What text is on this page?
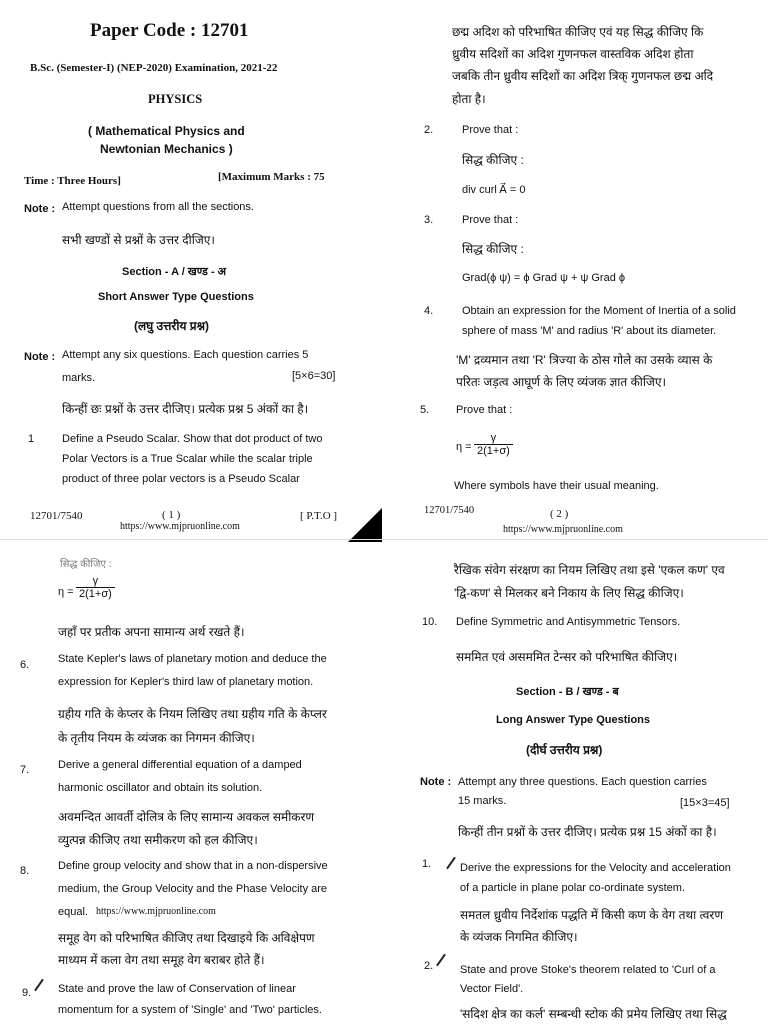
Paper Code : 12701
B.Sc. (Semester-I) (NEP-2020) Examination, 2021-22
PHYSICS
( Mathematical Physics and
Newtonian Mechanics )
Time : Three Hours]	[Maximum Marks : 75
Note : Attempt questions from all the sections.
सभी खण्डों से प्रश्नों के उत्तर दीजिए।
Section - A / खण्ड - अ
Short Answer Type Questions
(लघु उत्तरीय प्रश्न)
Note : Attempt any six questions. Each question carries 5
marks.	[5×6=30]
किन्हीं छः प्रश्नों के उत्तर दीजिए। प्रत्येक प्रश्न 5 अंकों का है।
1	Define a Pseudo Scalar. Show that dot product of two
Polar Vectors is a True Scalar while the scalar triple
product of three polar vectors is a Pseudo Scalar
12701/7540	( 1 )	[ P.T.O ]
https://www.mjpruonline.com
छद्म अदिश को परिभाषित कीजिए एवं यह सिद्ध कीजिए कि
ध्रुवीय सदिशों का अदिश गुणनफल वास्तविक अदिश होता
जबकि तीन ध्रुवीय सदिशों का अदिश त्रिक् गुणनफल छद्म अदि
होता है।
2.	Prove that :
सिद्ध कीजिए :
div curl A⃗ = 0
3.	Prove that :
सिद्ध कीजिए :
Grad(ϕ ψ) = ϕ Grad ψ + ψ Grad ϕ
4.	Obtain an expression for the Moment of Inertia of a solid
sphere of mass 'M' and radius 'R' about its diameter.
'M' द्रव्यमान तथा 'R' त्रिज्या के ठोस गोले का उसके व्यास के
परितः जड़त्व आघूर्ण के लिए व्यंजक ज्ञात कीजिए।
5. Prove that :
$\eta = \frac{\gamma}{2(1+\sigma)}$
Where symbols have their usual meaning.
12701/7540	( 2 )
https://www.mjpruonline.com
सिद्ध कीजिए :
$\eta = \frac{\gamma}{2(1+\sigma)}$
जहाँ पर प्रतीक अपना सामान्य अर्थ रखते हैं।
6.	State Kepler's laws of planetary motion and deduce the
expression for Kepler's third law of planetary motion.
ग्रहीय गति के केप्लर के नियम लिखिए तथा ग्रहीय गति के केप्लर
के तृतीय नियम के व्यंजक का निगमन कीजिए।
7.	Derive a general differential equation of a damped
harmonic oscillator and obtain its solution.
अवमन्दित आवर्ती दोलित्र के लिए सामान्य अवकल समीकरण
व्युत्पन्न कीजिए तथा समीकरण को हल कीजिए।
8.	Define group velocity and show that in a non-dispersive
medium, the Group Velocity and the Phase Velocity are
equal. https://www.mjpruonline.com
समूह वेग को परिभाषित कीजिए तथा दिखाइये कि अविक्षेपण
माध्यम में कला वेग तथा समूह वेग बराबर होते हैं।
9. State and prove the law of Conservation of linear
momentum for a system of 'Single' and 'Two' particles.
रैखिक संवेग संरक्षण का नियम लिखिए तथा इसे 'एकल कण' एव
'द्वि-कण' से मिलकर बने निकाय के लिए सिद्ध कीजिए।
10. Define Symmetric and Antisymmetric Tensors.
सममित एवं असममित टेन्सर को परिभाषित कीजिए।
Section - B / खण्ड - ब
Long Answer Type Questions
(दीर्घ उत्तरीय प्रश्न)
Note : Attempt any three questions. Each question carries
15 marks.	[15×3=45]
किन्हीं तीन प्रश्नों के उत्तर दीजिए। प्रत्येक प्रश्न 15 अंकों का है।
1.	Derive the expressions for the Velocity and acceleration
of a particle in plane polar co-ordinate system.
समतल ध्रुवीय निर्देशांक पद्धति में किसी कण के वेग तथा त्वरण
के व्यंजक निगमित कीजिए।
2. State and prove Stoke's theorem related to 'Curl of a
Vector Field'.
'सदिश क्षेत्र का कर्ल' सम्बन्धी स्टोक की प्रमेय लिखिए तथा सिद्ध
